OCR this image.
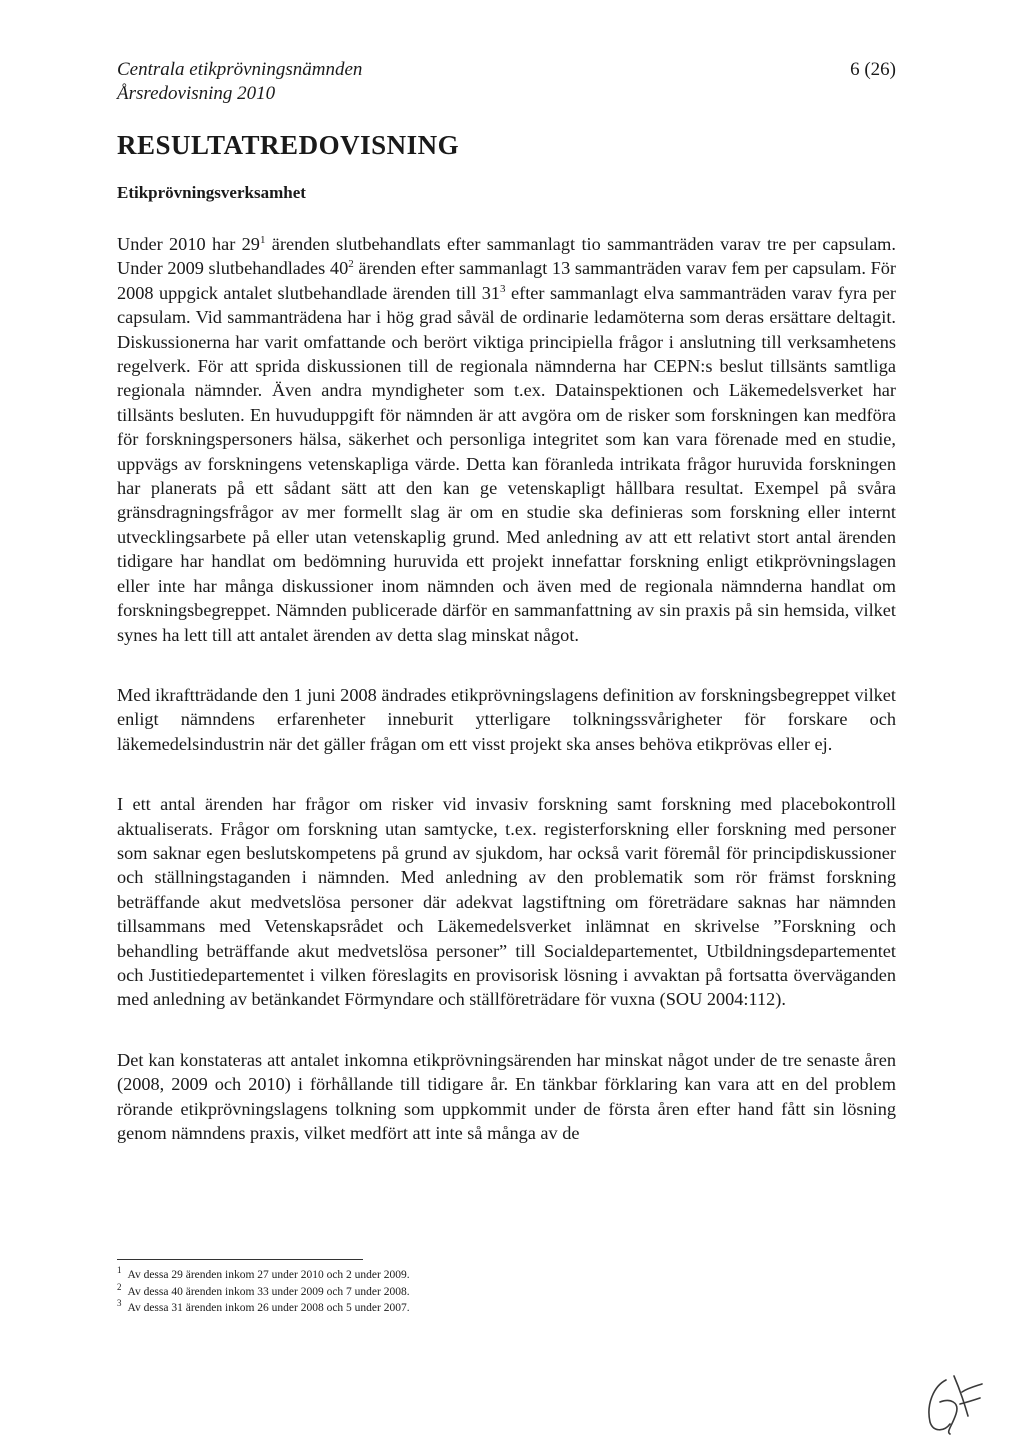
Centrala etikprövningsnämnden
Årsredovisning 2010
6 (26)
RESULTATREDOVISNING
Etikprövningsverksamhet

Under 2010 har $29^1$ ärenden slutbehandlats efter sammanlagt tio sammanträden varav tre per capsulam. Under 2009 slutbehandlades $40^2$ ärenden efter sammanlagt 13 sammanträden varav fem per capsulam. För 2008 uppgick antalet slutbehandlade ärenden till $31^3$ efter sammanlagt elva sammanträden varav fyra per capsulam. Vid sammanträdena har i hög grad såväl de ordinarie ledamöterna som deras ersättare deltagit. Diskussionerna har varit omfattande och berört viktiga principiella frågor i anslutning till verksamhetens regelverk. För att sprida diskussionen till de regionala nämnderna har CEPN:s beslut tillsänts samtliga regionala nämnder. Även andra myndigheter som t.ex. Datainspektionen och Läkemedelsverket har tillsänts besluten. En huvuduppgift för nämnden är att avgöra om de risker som forskningen kan medföra för forskningspersoners hälsa, säkerhet och personliga integritet som kan vara förenade med en studie, uppvägs av forskningens vetenskapliga värde. Detta kan föranleda intrikata frågor huruvida forskningen har planerats på ett sådant sätt att den kan ge vetenskapligt hållbara resultat. Exempel på svåra gränsdragningsfrågor av mer formellt slag är om en studie ska definieras som forskning eller internt utvecklingsarbete på eller utan vetenskaplig grund. Med anledning av att ett relativt stort antal ärenden tidigare har handlat om bedömning huruvida ett projekt innefattar forskning enligt etikprövningslagen eller inte har många diskussioner inom nämnden och även med de regionala nämnderna handlat om forskningsbegreppet. Nämnden publicerade därför en sammanfattning av sin praxis på sin hemsida, vilket synes ha lett till att antalet ärenden av detta slag minskat något.

Med ikraftträdande den 1 juni 2008 ändrades etikprövningslagens definition av forskningsbegreppet vilket enligt nämndens erfarenheter inneburit ytterligare tolkningssvårigheter för forskare och läkemedelsindustrin när det gäller frågan om ett visst projekt ska anses behöva etikprövas eller ej.

I ett antal ärenden har frågor om risker vid invasiv forskning samt forskning med placebokontroll aktualiserats. Frågor om forskning utan samtycke, t.ex. registerforskning eller forskning med personer som saknar egen beslutskompetens på grund av sjukdom, har också varit föremål för principdiskussioner och ställningstaganden i nämnden. Med anledning av den problematik som rör främst forskning beträffande akut medvetslösa personer där adekvat lagstiftning om företrädare saknas har nämnden tillsammans med Vetenskapsrådet och Läkemedelsverket inlämnat en skrivelse ”Forskning och behandling beträffande akut medvetslösa personer” till Socialdepartementet, Utbildningsdepartementet och Justitiedepartementet i vilken föreslagits en provisorisk lösning i avvaktan på fortsatta överväganden med anledning av betänkandet Förmyndare och ställföreträdare för vuxna (SOU 2004:112).

Det kan konstateras att antalet inkomna etikprövningsärenden har minskat något under de tre senaste åren (2008, 2009 och 2010) i förhållande till tidigare år. En tänkbar förklaring kan vara att en del problem rörande etikprövningslagens tolkning som uppkommit under de första åren efter hand fått sin lösning genom nämndens praxis, vilket medfört att inte så många av de

$^1$ Av dessa 29 ärenden inkom 27 under 2010 och 2 under 2009.
$^2$ Av dessa 40 ärenden inkom 33 under 2009 och 7 under 2008.
$^3$ Av dessa 31 ärenden inkom 26 under 2008 och 5 under 2007.
